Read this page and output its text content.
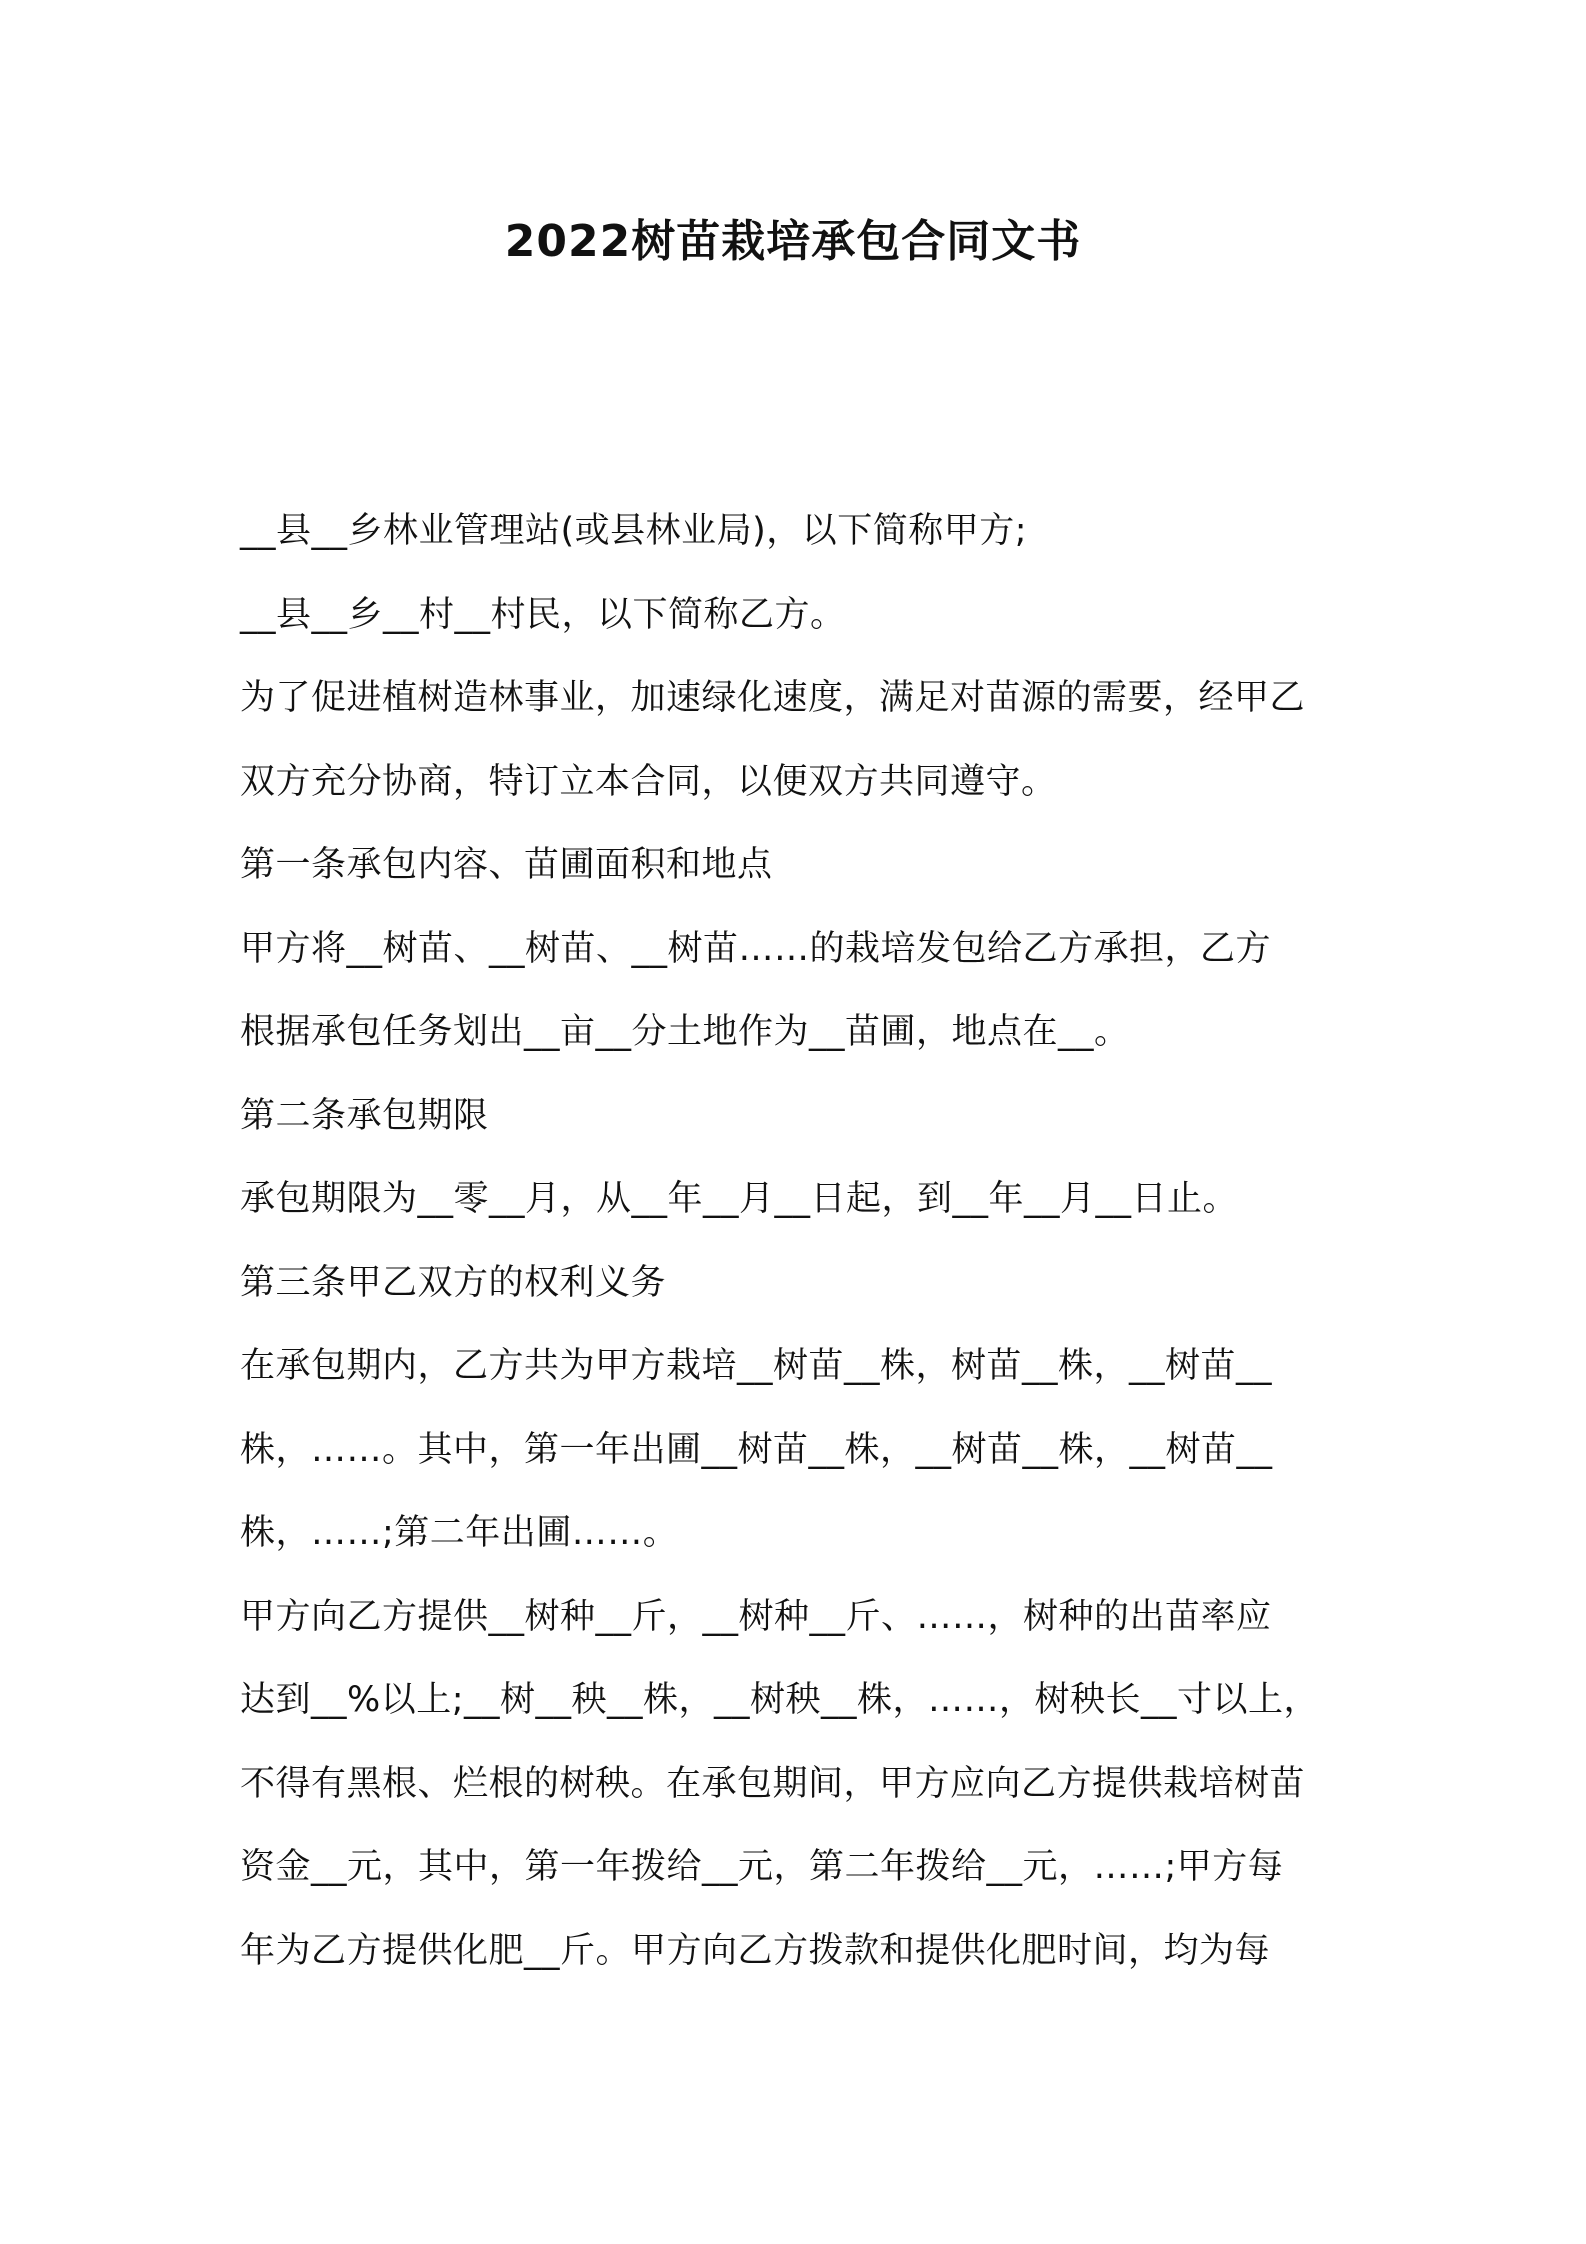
2022树苗栽培承包合同文书
__县__乡林业管理站(或县林业局)，以下简称甲方;
__县__乡__村__村民，以下简称乙方。
为了促进植树造林事业，加速绿化速度，满足对苗源的需要，经甲乙
双方充分协商，特订立本合同，以便双方共同遵守。
第一条承包内容、苗圃面积和地点
甲方将__树苗、__树苗、__树苗……的栽培发包给乙方承担，乙方
根据承包任务划出__亩__分土地作为__苗圃，地点在__。
第二条承包期限
承包期限为__零__月，从__年__月__日起，到__年__月__日止。
第三条甲乙双方的权利义务
在承包期内，乙方共为甲方栽培__树苗__株，树苗__株，__树苗__
株，……。其中，第一年出圃__树苗__株，__树苗__株，__树苗__
株，……;第二年出圃……。
甲方向乙方提供__树种__斤，__树种__斤、……，树种的出苗率应
达到__%以上;__树__秧__株，__树秧__株，……，树秧长__寸以上，
不得有黑根、烂根的树秧。在承包期间，甲方应向乙方提供栽培树苗
资金__元，其中，第一年拨给__元，第二年拨给__元，……;甲方每
年为乙方提供化肥__斤。甲方向乙方拨款和提供化肥时间，均为每
